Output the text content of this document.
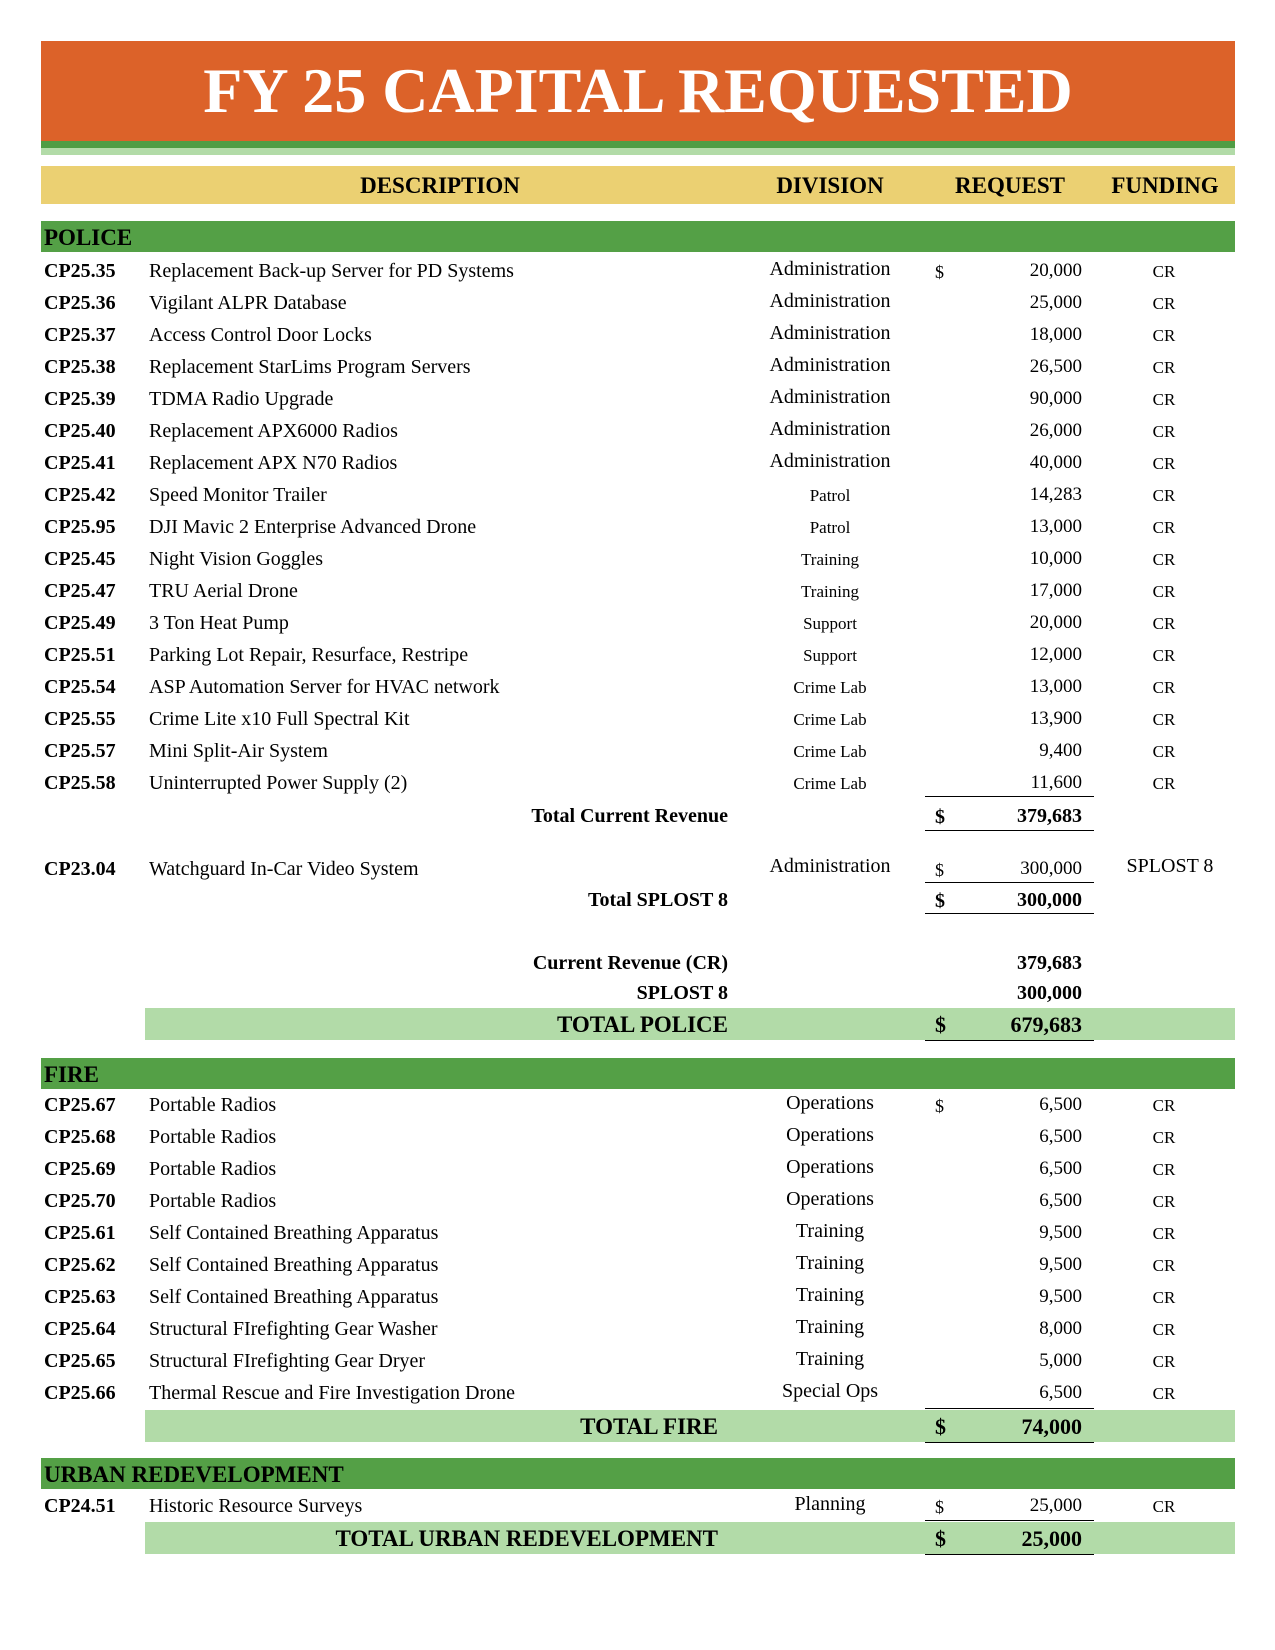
FY 25 CAPITAL REQUESTED
DESCRIPTION	DIVISION	REQUEST	FUNDING
POLICE
CP25.35 Replacement Back-up Server for PD Systems	Administration	20,000	CR
$
CP25.36 Vigilant ALPR Database	Administration	25,000	CR
CP25.37 Access Control Door Locks	Administration	18,000	CR
CP25.38 Replacement StarLims Program Servers	Administration	26,500	CR
CP25.39 TDMA Radio Upgrade	Administration	90,000	CR
CP25.40 Replacement APX6000 Radios	Administration	26,000	CR
CP25.41 Replacement APX N70 Radios	Administration	40,000	CR
CP25.42 Speed Monitor Trailer	Patrol	14,283	CR
CP25.95 DJI Mavic 2 Enterprise Advanced Drone	Patrol	13,000	CR
CP25.45 Night Vision Goggles	Training	10,000	CR
CP25.47 TRU Aerial Drone	Training	17,000	CR
CP25.49 3 Ton Heat Pump	Support	20,000	CR
CP25.51 Parking Lot Repair, Resurface, Restripe	Support	12,000	CR
CP25.54 ASP Automation Server for HVAC network	Crime Lab	13,000	CR
CP25.55 Crime Lite x10 Full Spectral Kit	Crime Lab	13,900	CR
CP25.57 Mini Split-Air System	Crime Lab	9,400	CR
CP25.58 Uninterrupted Power Supply (2)	Crime Lab	11,600	CR
Total Current Revenue	$	379,683
CP23.04 Watchguard In-Car Video System	Administration	$	300,000	SPLOST 8
Total SPLOST 8	$	300,000
Current Revenue (CR)	379,683
SPLOST 8	300,000
TOTAL POLICE	$	679,683
FIRE
CP25.67 Portable Radios	Operations	6,500	CR
$
CP25.68 Portable Radios	Operations	6,500	CR
CP25.69 Portable Radios	Operations	6,500	CR
CP25.70 Portable Radios	Operations	6,500	CR
CP25.61 Self Contained Breathing Apparatus	Training	9,500	CR
CP25.62 Self Contained Breathing Apparatus	Training	9,500	CR
CP25.63 Self Contained Breathing Apparatus	Training	9,500	CR
CP25.64 Structural FIrefighting Gear Washer	Training	8,000	CR
CP25.65 Structural FIrefighting Gear Dryer	Training	5,000	CR
CP25.66 Thermal Rescue and Fire Investigation Drone	Special Ops	6,500	CR
TOTAL FIRE	$	74,000
URBAN REDEVELOPMENT
CP24.51 Historic Resource Surveys	Planning	25,000	CR
$
TOTAL URBAN REDEVELOPMENT	$	25,000
